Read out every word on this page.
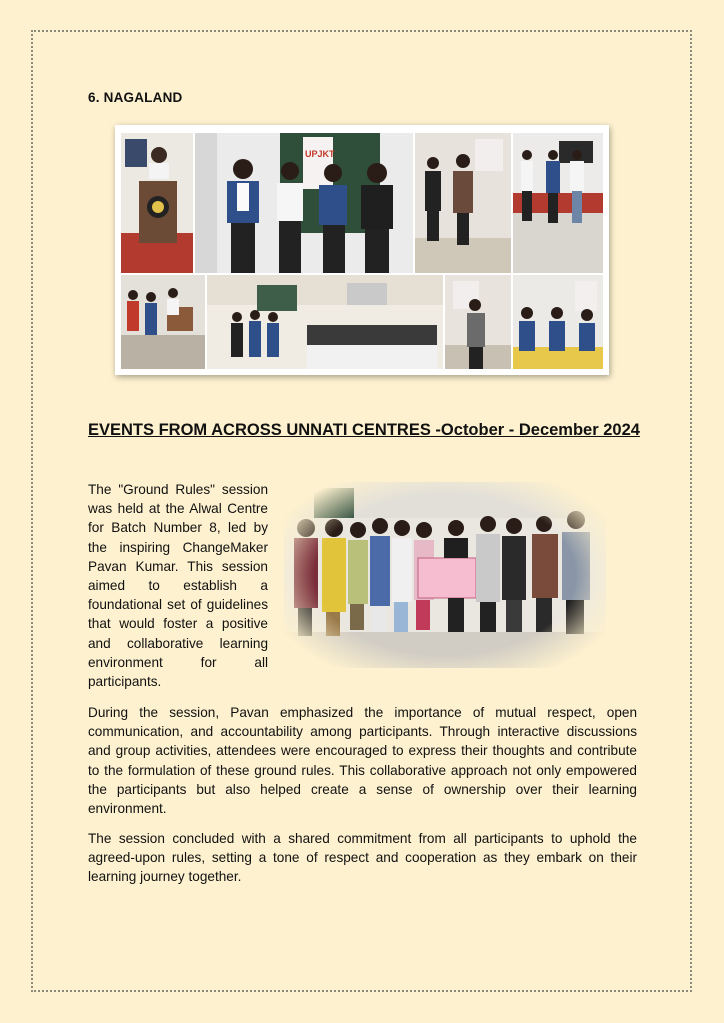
6. NAGALAND
UPJKT
EVENTS FROM ACROSS UNNATI CENTRES -October - December 2024
The "Ground Rules" session was held at the Alwal Centre for Batch Number 8, led by the inspiring ChangeMaker Pavan Kumar. This session aimed to establish a foundational set of guidelines that would foster a positive and collaborative learning environment for all participants.
During the session, Pavan emphasized the importance of mutual respect, open communication, and accountability among participants. Through interactive discussions and group activities, attendees were encouraged to express their thoughts and contribute to the formulation of these ground rules. This collaborative approach not only empowered the participants but also helped create a sense of ownership over their learning environment.
The session concluded with a shared commitment from all participants to uphold the agreed-upon rules, setting a tone of respect and cooperation as they embark on their learning journey together.
